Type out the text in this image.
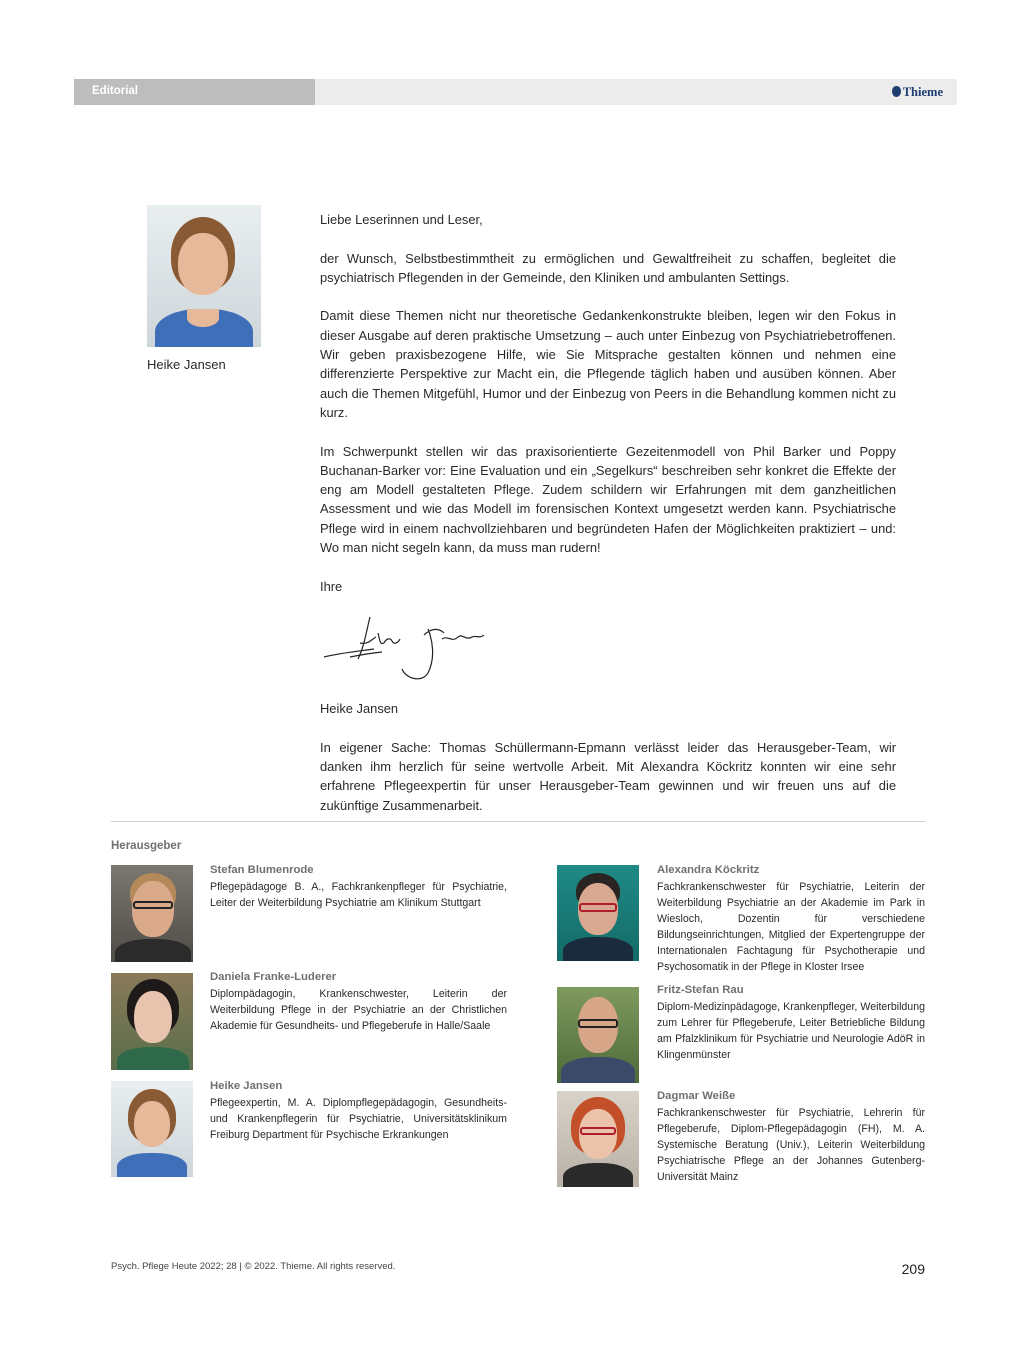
Editorial	Thieme
Heike Jansen

Liebe Leserinnen und Leser,

der Wunsch, Selbstbestimmtheit zu ermöglichen und Gewaltfreiheit zu schaffen, begleitet die psychiatrisch Pflegenden in der Gemeinde, den Kliniken und ambulanten Settings.

Damit diese Themen nicht nur theoretische Gedankenkonstrukte bleiben, legen wir den Fokus in dieser Ausgabe auf deren praktische Umsetzung – auch unter Einbezug von Psychiatriebetroffenen. Wir geben praxisbezogene Hilfe, wie Sie Mitsprache gestalten können und nehmen eine differenzierte Perspektive zur Macht ein, die Pflegende täglich haben und ausüben können. Aber auch die Themen Mitgefühl, Humor und der Einbezug von Peers in die Behandlung kommen nicht zu kurz.

Im Schwerpunkt stellen wir das praxisorientierte Gezeitenmodell von Phil Barker und Poppy Buchanan-Barker vor: Eine Evaluation und ein „Segelkurs“ beschreiben sehr konkret die Effekte der eng am Modell gestalteten Pflege. Zudem schildern wir Erfahrungen mit dem ganzheitlichen Assessment und wie das Modell im forensischen Kontext umgesetzt werden kann. Psychiatrische Pflege wird in einem nachvollziehbaren und begründeten Hafen der Möglichkeiten praktiziert – und: Wo man nicht segeln kann, da muss man rudern!

Ihre

Heike Jansen

In eigener Sache: Thomas Schüllermann-Epmann verlässt leider das Herausgeber-Team, wir danken ihm herzlich für seine wertvolle Arbeit. Mit Alexandra Köckritz konnten wir eine sehr erfahrene Pflegeexpertin für unser Herausgeber-Team gewinnen und wir freuen uns auf die zukünftige Zusammenarbeit.

Herausgeber
Stefan Blumenrode

Pflegepädagoge B. A., Fachkrankenpfleger für Psychiatrie, Leiter der Weiterbildung Psychiatrie am Klinikum Stuttgart

Daniela Franke-Luderer

Diplompädagogin, Krankenschwester, Leiterin der Weiterbildung Pflege in der Psychiatrie an der Christlichen Akademie für Gesundheits- und Pflegeberufe in Halle/Saale

Heike Jansen

Pflegeexpertin, M. A. Diplompflegepädagogin, Gesundheits- und Krankenpflegerin für Psychiatrie, Universitätsklinikum Freiburg Department für Psychische Erkrankungen

Alexandra Köckritz

Fachkrankenschwester für Psychiatrie, Leiterin der Weiterbildung Psychiatrie an der Akademie im Park in Wiesloch, Dozentin für verschiedene Bildungseinrichtungen, Mitglied der Expertengruppe der Internationalen Fachtagung für Psychotherapie und Psychosomatik in der Pflege in Kloster Irsee

Fritz-Stefan Rau

Diplom-Medizinpädagoge, Krankenpfleger, Weiterbildung zum Lehrer für Pflegeberufe, Leiter Betriebliche Bildung am Pfalzklinikum für Psychiatrie und Neurologie AdöR in Klingenmünster

Dagmar Weiße

Fachkrankenschwester für Psychiatrie, Lehrerin für Pflegeberufe, Diplom-Pflegepädagogin (FH), M. A. Systemische Beratung (Univ.), Leiterin Weiterbildung Psychiatrische Pflege an der Johannes Gutenberg-Universität Mainz

Psych. Pflege Heute 2022; 28 | © 2022. Thieme. All rights reserved.	209
